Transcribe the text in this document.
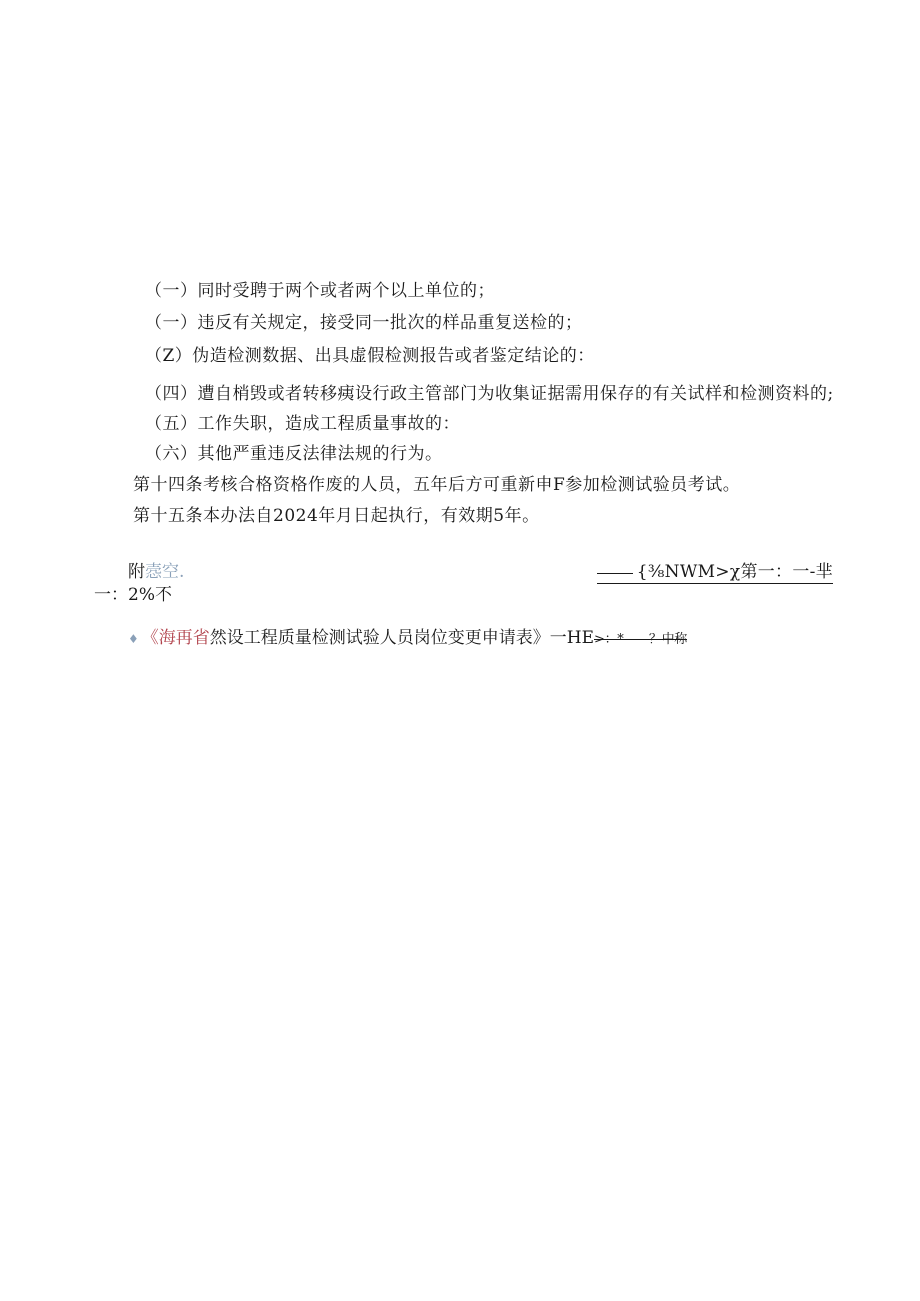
（一）同时受聘于两个或者两个以上单位的；
（一）违反有关规定，接受同一批次的样品重复送检的；
（Z）伪造检测数据、出具虚假检测报告或者鉴定结论的：
（四）遭自梢毁或者转移痍设行政主管部门为收集证据需用保存的有关试样和检测资料的;
（五）工作失职，造成工程质量事故的：
（六）其他严重违反法律法规的行为。
第十四条考核合格资格作废的人员，五年后方可重新申F参加检测试验员考试。
第十五条本办法自2024年月日起执行，有效期5年。
附悫空.	{⅜NWM>χ第一：一-芈
一：2%不
♦ 《海再省然设工程质量检测试验人员岗位变更申请表》一HE>：*——？中称
